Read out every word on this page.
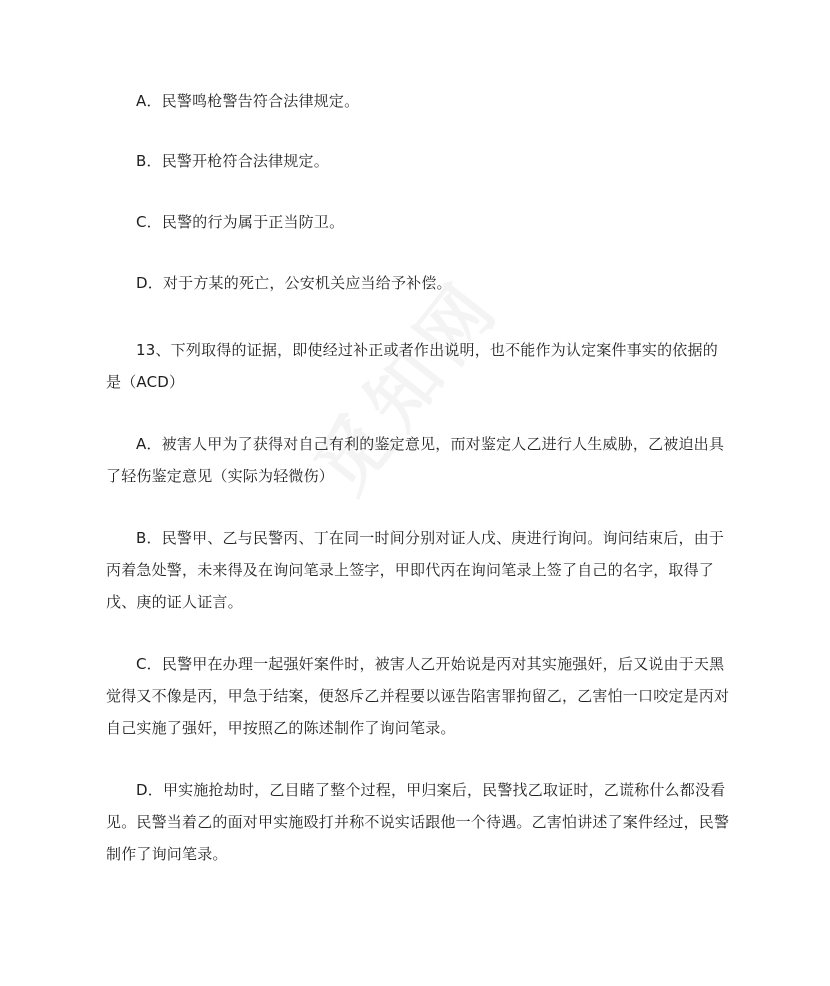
A．民警鸣枪警告符合法律规定。

B．民警开枪符合法律规定。

C．民警的行为属于正当防卫。

D．对于方某的死亡，公安机关应当给予补偿。

13、下列取得的证据，即使经过补正或者作出说明，也不能作为认定案件事实的依据的是（ACD）

A．被害人甲为了获得对自己有利的鉴定意见，而对鉴定人乙进行人生威胁，乙被迫出具了轻伤鉴定意见（实际为轻微伤）

B．民警甲、乙与民警丙、丁在同一时间分别对证人戊、庚进行询问。询问结束后，由于丙着急处警，未来得及在询问笔录上签字，甲即代丙在询问笔录上签了自己的名字，取得了戊、庚的证人证言。

C．民警甲在办理一起强奸案件时，被害人乙开始说是丙对其实施强奸，后又说由于天黑觉得又不像是丙，甲急于结案，便怒斥乙并程要以诬告陷害罪拘留乙，乙害怕一口咬定是丙对自己实施了强奸，甲按照乙的陈述制作了询问笔录。

D．甲实施抢劫时，乙目睹了整个过程，甲归案后，民警找乙取证时，乙谎称什么都没看见。民警当着乙的面对甲实施殴打并称不说实话跟他一个待遇。乙害怕讲述了案件经过，民警制作了询问笔录。
